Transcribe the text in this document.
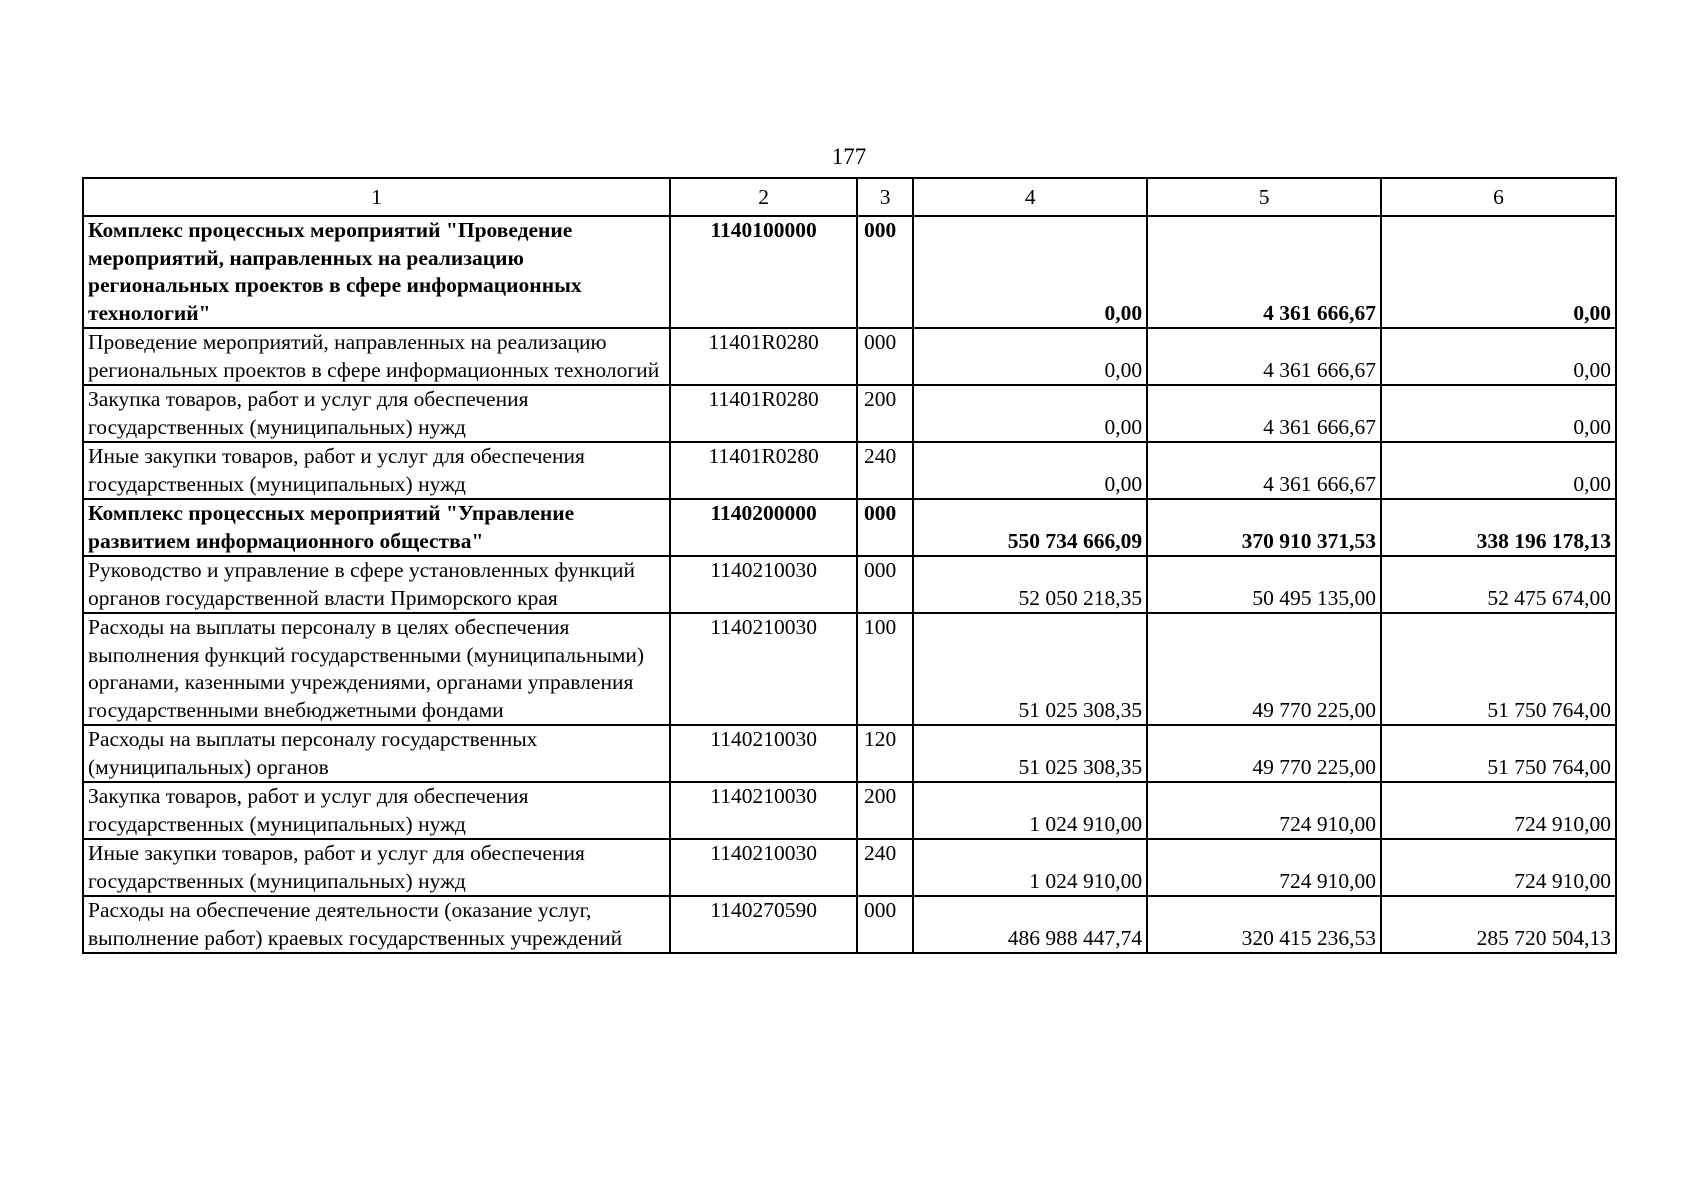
177
1	2	3	4	5	6
Комплекс процессных мероприятий "Проведение мероприятий, направленных на реализацию региональных проектов в сфере информационных технологий"	1140100000	000	0,00	4 361 666,67	0,00
Проведение мероприятий, направленных на реализацию региональных проектов в сфере информационных технологий	11401R0280	000	0,00	4 361 666,67	0,00
Закупка товаров, работ и услуг для обеспечения государственных (муниципальных) нужд	11401R0280	200	0,00	4 361 666,67	0,00
Иные закупки товаров, работ и услуг для обеспечения государственных (муниципальных) нужд	11401R0280	240	0,00	4 361 666,67	0,00
Комплекс процессных мероприятий "Управление развитием информационного общества"	1140200000	000	550 734 666,09	370 910 371,53	338 196 178,13
Руководство и управление в сфере установленных функций органов государственной власти Приморского края	1140210030	000	52 050 218,35	50 495 135,00	52 475 674,00
Расходы на выплаты персоналу в целях обеспечения выполнения функций государственными (муниципальными) органами, казенными учреждениями, органами управления государственными внебюджетными фондами	1140210030	100	51 025 308,35	49 770 225,00	51 750 764,00
Расходы на выплаты персоналу государственных (муниципальных) органов	1140210030	120	51 025 308,35	49 770 225,00	51 750 764,00
Закупка товаров, работ и услуг для обеспечения государственных (муниципальных) нужд	1140210030	200	1 024 910,00	724 910,00	724 910,00
Иные закупки товаров, работ и услуг для обеспечения государственных (муниципальных) нужд	1140210030	240	1 024 910,00	724 910,00	724 910,00
Расходы на обеспечение деятельности (оказание услуг, выполнение работ) краевых государственных учреждений	1140270590	000	486 988 447,74	320 415 236,53	285 720 504,13
